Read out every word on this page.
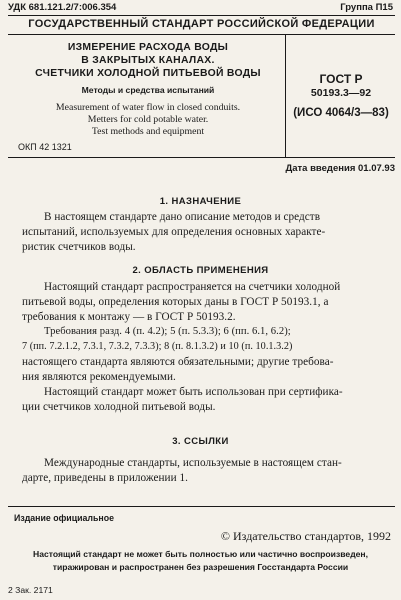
УДК 681.121.2/7:006.354	Группа П15
ГОСУДАРСТВЕННЫЙ СТАНДАРТ РОССИЙСКОЙ ФЕДЕРАЦИИ
ИЗМЕРЕНИЕ РАСХОДА ВОДЫ
В ЗАКРЫТЫХ КАНАЛАХ.
СЧЕТЧИКИ ХОЛОДНОЙ ПИТЬЕВОЙ ВОДЫ
Методы и средства испытаний
Measurement of water flow in closed conduits.
Metters for cold potable water.
Test methods and equipment
ГОСТ Р
50193.3—92
(ИСО 4064/3—83)
ОКП 42 1321
Дата введения 01.07.93
1. НАЗНАЧЕНИЕ
В настоящем стандарте дано описание методов и средств
испытаний, используемых для определения основных характе-
ристик счетчиков воды.
2. ОБЛАСТЬ ПРИМЕНЕНИЯ
Настоящий стандарт распространяется на счетчики холодной
питьевой воды, определения которых даны в ГОСТ Р 50193.1, а
требования к монтажу — в ГОСТ Р 50193.2.
Требования разд. 4 (п. 4.2); 5 (п. 5.3.3); 6 (пп. 6.1, 6.2);
7 (пп. 7.2.1.2, 7.3.1, 7.3.2, 7.3.3); 8 (п. 8.1.3.2) и 10 (п. 10.1.3.2)
настоящего стандарта являются обязательными; другие требова-
ния являются рекомендуемыми.
Настоящий стандарт может быть использован при сертифика-
ции счетчиков холодной питьевой воды.
3. ССЫЛКИ
Международные стандарты, используемые в настоящем стан-
дарте, приведены в приложении 1.
Издание официальное
© Издательство стандартов, 1992
Настоящий стандарт не может быть полностью или частично воспроизведен,
тиражирован и распространен без разрешения Госстандарта России
2 Зак. 2171
